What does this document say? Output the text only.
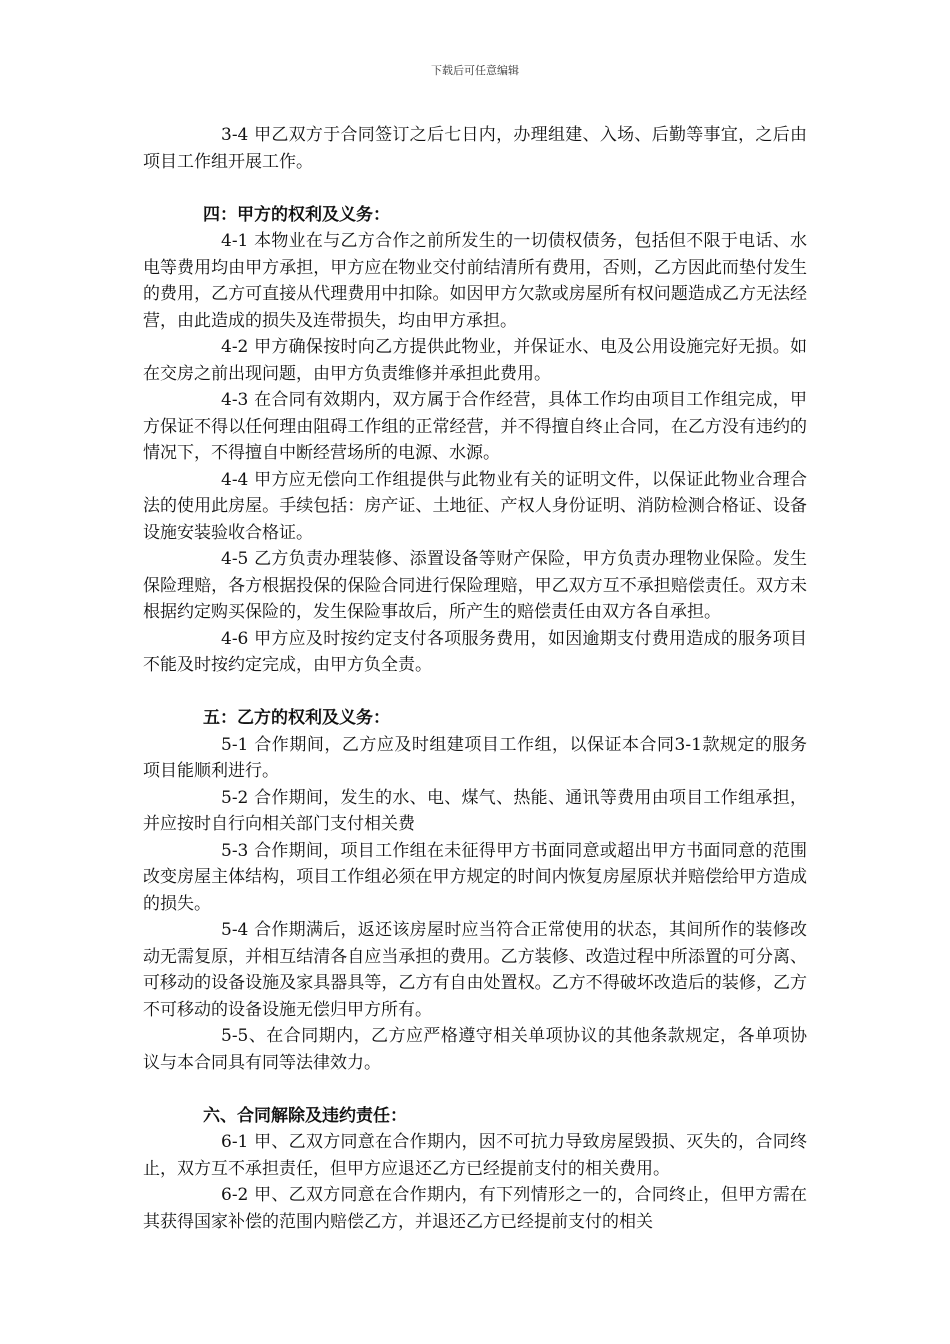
下载后可任意编辑

3-4 甲乙双方于合同签订之后七日内，办理组建、入场、后勤等事宜，之后由项目工作组开展工作。

四：甲方的权利及义务：

4-1 本物业在与乙方合作之前所发生的一切债权债务，包括但不限于电话、水电等费用均由甲方承担，甲方应在物业交付前结清所有费用，否则，乙方因此而垫付发生的费用，乙方可直接从代理费用中扣除。如因甲方欠款或房屋所有权问题造成乙方无法经营，由此造成的损失及连带损失，均由甲方承担。

4-2 甲方确保按时向乙方提供此物业，并保证水、电及公用设施完好无损。如在交房之前出现问题，由甲方负责维修并承担此费用。

4-3 在合同有效期内，双方属于合作经营，具体工作均由项目工作组完成，甲方保证不得以任何理由阻碍工作组的正常经营，并不得擅自终止合同，在乙方没有违约的情况下，不得擅自中断经营场所的电源、水源。

4-4 甲方应无偿向工作组提供与此物业有关的证明文件，以保证此物业合理合法的使用此房屋。手续包括：房产证、土地征、产权人身份证明、消防检测合格证、设备设施安装验收合格证。

4-5 乙方负责办理装修、添置设备等财产保险，甲方负责办理物业保险。发生保险理赔，各方根据投保的保险合同进行保险理赔，甲乙双方互不承担赔偿责任。双方未根据约定购买保险的，发生保险事故后，所产生的赔偿责任由双方各自承担。

4-6 甲方应及时按约定支付各项服务费用，如因逾期支付费用造成的服务项目不能及时按约定完成，由甲方负全责。

五：乙方的权利及义务：

5-1 合作期间，乙方应及时组建项目工作组，以保证本合同3-1款规定的服务项目能顺利进行。

5-2 合作期间，发生的水、电、煤气、热能、通讯等费用由项目工作组承担，并应按时自行向相关部门支付相关费

5-3 合作期间，项目工作组在未征得甲方书面同意或超出甲方书面同意的范围改变房屋主体结构，项目工作组必须在甲方规定的时间内恢复房屋原状并赔偿给甲方造成的损失。

5-4 合作期满后，返还该房屋时应当符合正常使用的状态，其间所作的装修改动无需复原，并相互结清各自应当承担的费用。乙方装修、改造过程中所添置的可分离、可移动的设备设施及家具器具等，乙方有自由处置权。乙方不得破坏改造后的装修，乙方不可移动的设备设施无偿归甲方所有。

5-5、在合同期内，乙方应严格遵守相关单项协议的其他条款规定，各单项协议与本合同具有同等法律效力。

六、合同解除及违约责任：

6-1 甲、乙双方同意在合作期内，因不可抗力导致房屋毁损、灭失的，合同终止，双方互不承担责任，但甲方应退还乙方已经提前支付的相关费用。

6-2 甲、乙双方同意在合作期内，有下列情形之一的，合同终止，但甲方需在其获得国家补偿的范围内赔偿乙方，并退还乙方已经提前支付的相关
